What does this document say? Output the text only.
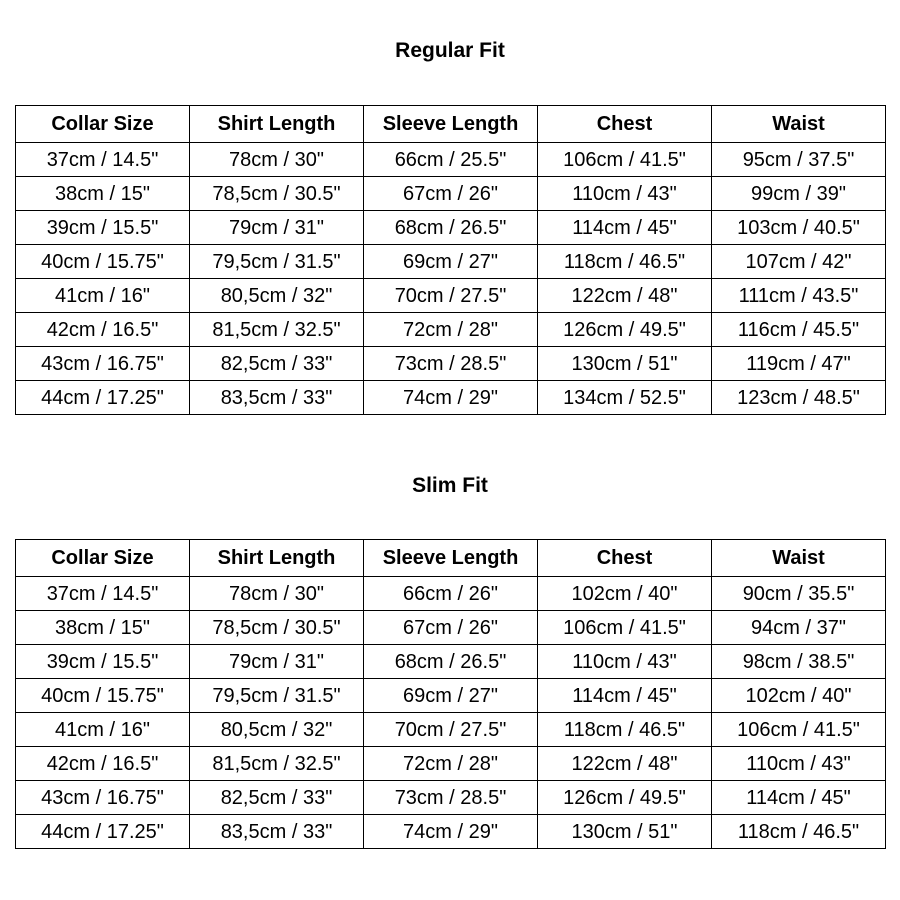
Regular Fit
Collar Size	Shirt Length	Sleeve Length	Chest	Waist
37cm / 14.5"	78cm / 30"	66cm / 25.5"	106cm / 41.5"	95cm / 37.5"
38cm / 15"	78,5cm / 30.5"	67cm / 26"	110cm / 43"	99cm / 39"
39cm / 15.5"	79cm / 31"	68cm / 26.5"	114cm / 45"	103cm / 40.5"
40cm / 15.75"	79,5cm / 31.5"	69cm / 27"	118cm / 46.5"	107cm / 42"
41cm / 16"	80,5cm / 32"	70cm / 27.5"	122cm / 48"	111cm / 43.5"
42cm / 16.5"	81,5cm / 32.5"	72cm / 28"	126cm / 49.5"	116cm / 45.5"
43cm / 16.75"	82,5cm / 33"	73cm / 28.5"	130cm / 51"	119cm / 47"
44cm / 17.25"	83,5cm / 33"	74cm / 29"	134cm / 52.5"	123cm / 48.5"
Slim Fit
Collar Size	Shirt Length	Sleeve Length	Chest	Waist
37cm / 14.5"	78cm / 30"	66cm / 26"	102cm / 40"	90cm / 35.5"
38cm / 15"	78,5cm / 30.5"	67cm / 26"	106cm / 41.5"	94cm / 37"
39cm / 15.5"	79cm / 31"	68cm / 26.5"	110cm / 43"	98cm / 38.5"
40cm / 15.75"	79,5cm / 31.5"	69cm / 27"	114cm / 45"	102cm / 40"
41cm / 16"	80,5cm / 32"	70cm / 27.5"	118cm / 46.5"	106cm / 41.5"
42cm / 16.5"	81,5cm / 32.5"	72cm / 28"	122cm / 48"	110cm / 43"
43cm / 16.75"	82,5cm / 33"	73cm / 28.5"	126cm / 49.5"	114cm / 45"
44cm / 17.25"	83,5cm / 33"	74cm / 29"	130cm / 51"	118cm / 46.5"
